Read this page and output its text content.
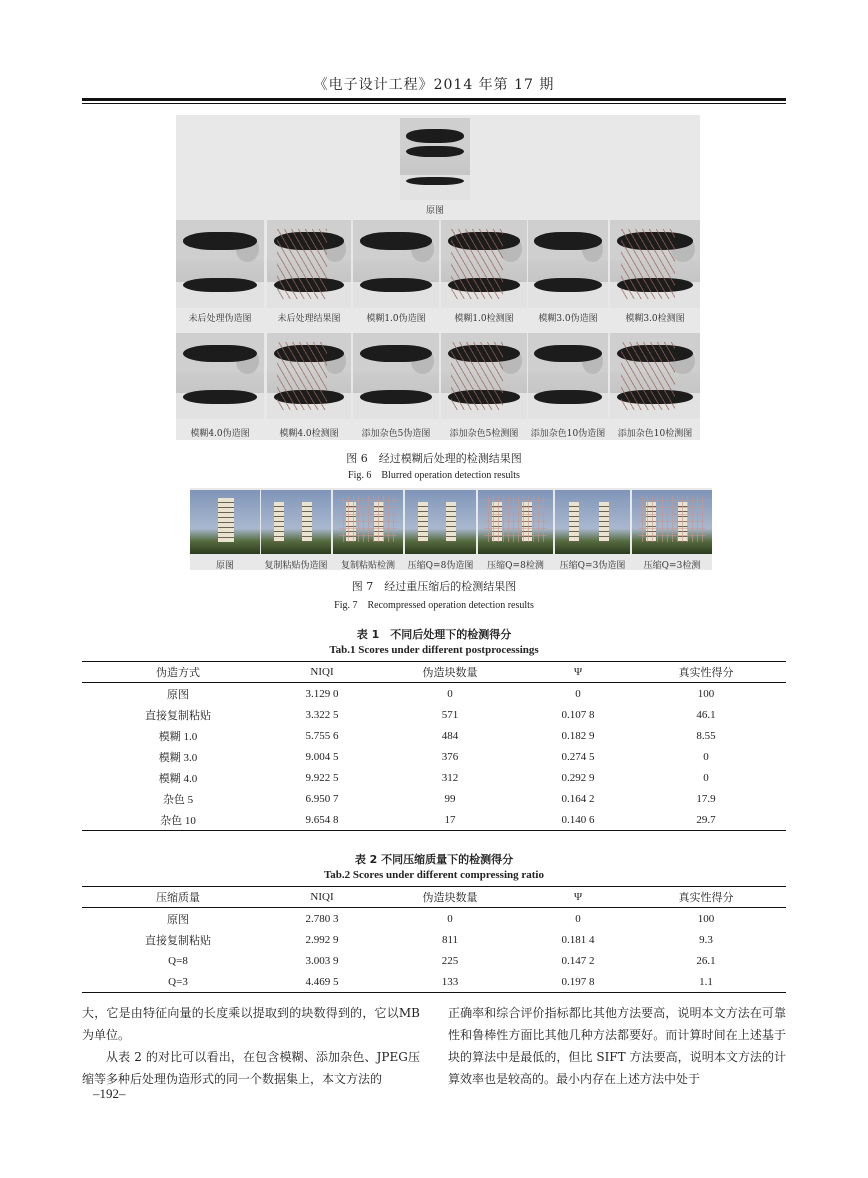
《电子设计工程》2014 年第 17 期
原图
图 6　经过模糊后处理的检测结果图
Fig. 6　Blurred operation detection results
图 7　经过重压缩后的检测结果图
Fig. 7　Recompressed operation detection results
表 1　不同后处理下的检测得分
Tab.1 Scores under different postprocessings
伪造方式	NIQI	伪造块数量	Ψ	真实性得分
原图	3.129 0	0	0	100
直接复制粘贴	3.322 5	571	0.107 8	46.1
模糊 1.0	5.755 6	484	0.182 9	8.55
模糊 3.0	9.004 5	376	0.274 5	0
模糊 4.0	9.922 5	312	0.292 9	0
杂色 5	6.950 7	99	0.164 2	17.9
杂色 10	9.654 8	17	0.140 6	29.7
表 2 不同压缩质量下的检测得分
Tab.2 Scores under different compressing ratio
压缩质量	NIQI	伪造块数量	Ψ	真实性得分
原图	2.780 3	0	0	100
直接复制粘贴	2.992 9	811	0.181 4	9.3
Q=8	3.003 9	225	0.147 2	26.1
Q=3	4.469 5	133	0.197 8	1.1
大，它是由特征向量的长度乘以提取到的块数得到的，它以MB 为单位。
从表 2 的对比可以看出，在包含模糊、添加杂色、JPEG压缩等多种后处理伪造形式的同一个数据集上，本文方法的
正确率和综合评价指标都比其他方法要高，说明本文方法在可靠性和鲁棒性方面比其他几种方法都要好。而计算时间在上述基于块的算法中是最低的，但比 SIFT 方法要高，说明本文方法的计算效率也是较高的。最小内存在上述方法中处于
–192–
未后处理伪造图	未后处理结果图	模糊1.0伪造图	模糊1.0检测图	模糊3.0伪造图	模糊3.0检测图
模糊4.0伪造图	模糊4.0检测图	添加杂色5伪造图	添加杂色5检测图	添加杂色10伪造图	添加杂色10检测图
原图	复制粘贴伪造图	复制粘贴检测	压缩Q=8伪造图	压缩Q=8检测	压缩Q=3伪造图	压缩Q=3检测
